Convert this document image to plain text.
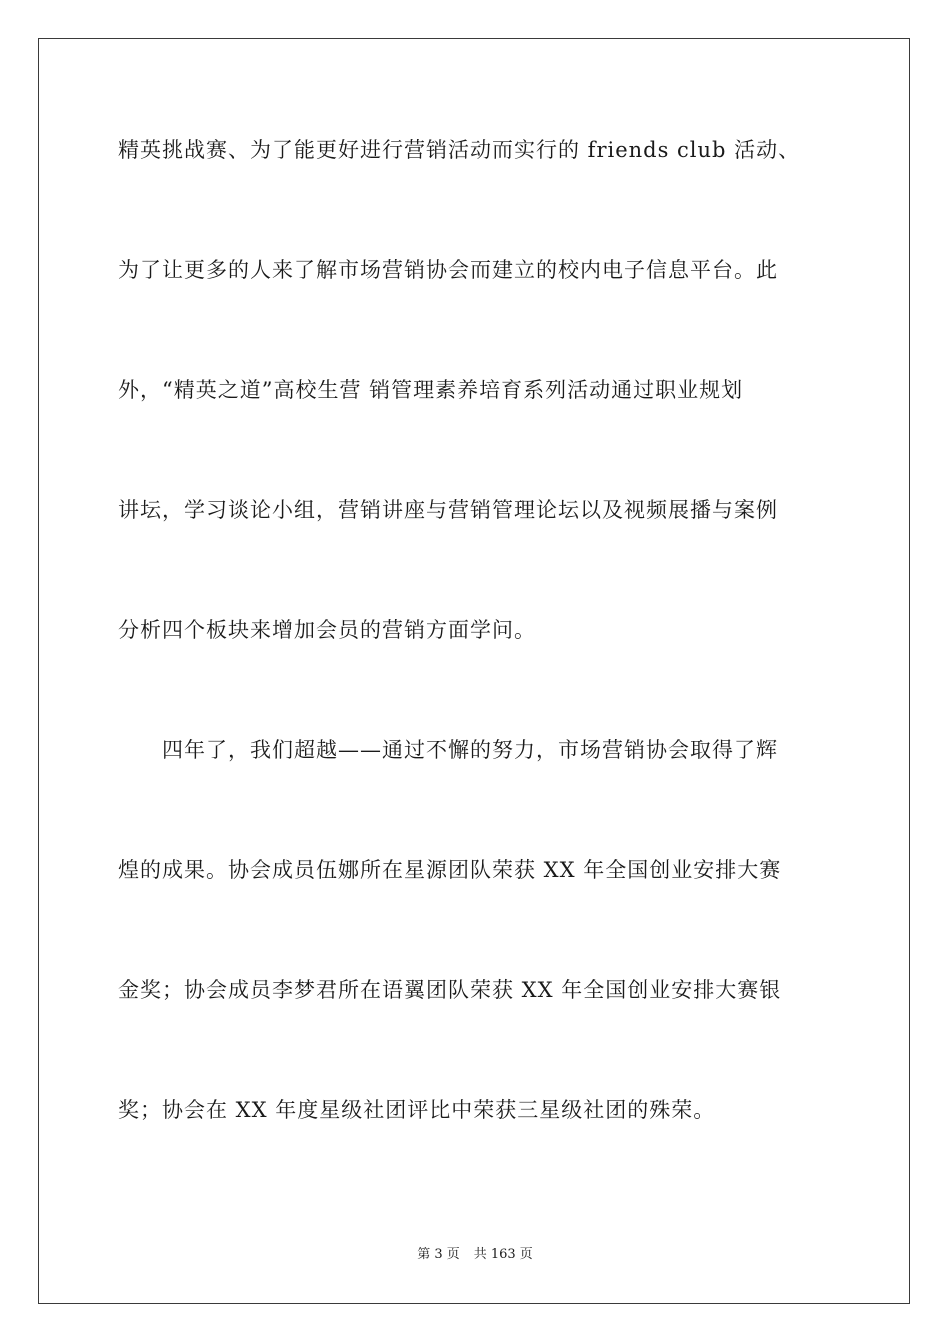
精英挑战赛、为了能更好进行营销活动而实行的 friends club 活动、
为了让更多的人来了解市场营销协会而建立的校内电子信息平台。此
外，“精英之道”高校生营 销管理素养培育系列活动通过职业规划
讲坛，学习谈论小组，营销讲座与营销管理论坛以及视频展播与案例
分析四个板块来增加会员的营销方面学问。
四年了，我们超越——通过不懈的努力，市场营销协会取得了辉
煌的成果。协会成员伍娜所在星源团队荣获 XX 年全国创业安排大赛
金奖；协会成员李梦君所在语翼团队荣获 XX 年全国创业安排大赛银
奖；协会在 XX 年度星级社团评比中荣获三星级社团的殊荣。
第 3 页 共 163 页
